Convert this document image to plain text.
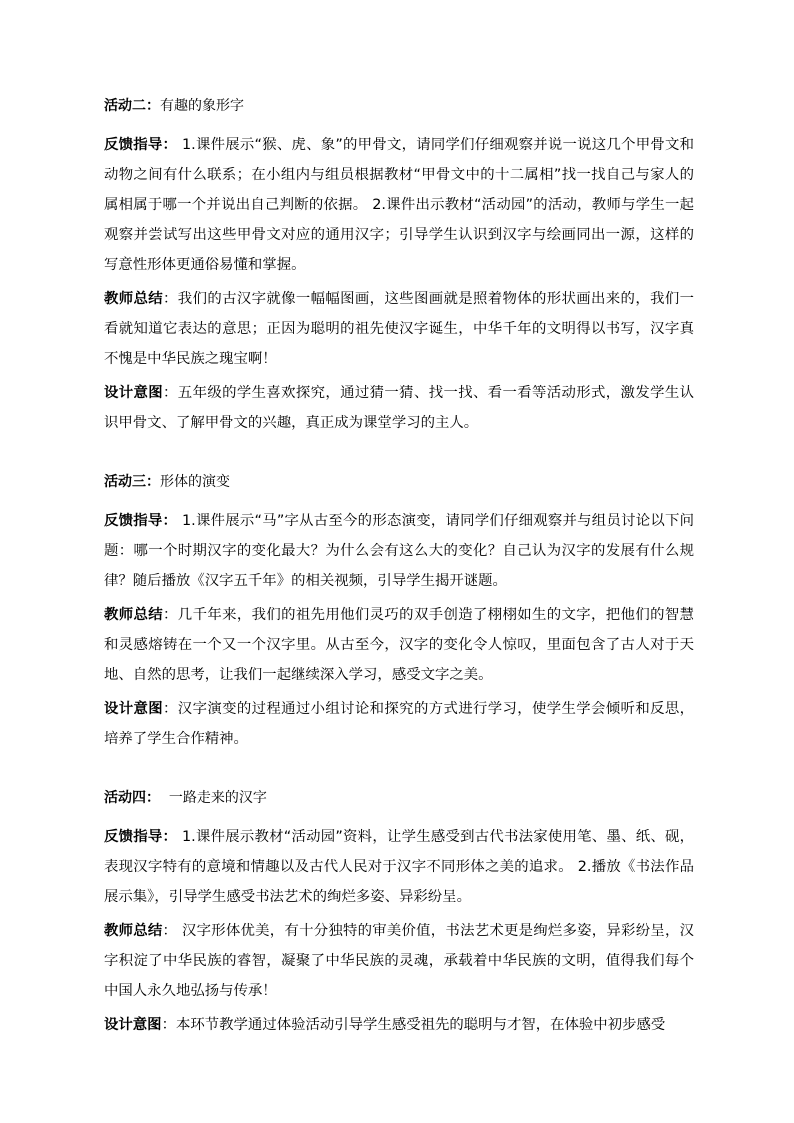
活动二：有趣的象形字

反馈指导： 1.课件展示“猴、虎、象”的甲骨文，请同学们仔细观察并说一说这几个甲骨文和动物之间有什么联系；在小组内与组员根据教材“甲骨文中的十二属相”找一找自己与家人的属相属于哪一个并说出自己判断的依据。 2.课件出示教材“活动园”的活动，教师与学生一起观察并尝试写出这些甲骨文对应的通用汉字；引导学生认识到汉字与绘画同出一源，这样的写意性形体更通俗易懂和掌握。

教师总结：我们的古汉字就像一幅幅图画，这些图画就是照着物体的形状画出来的，我们一看就知道它表达的意思；正因为聪明的祖先使汉字诞生，中华千年的文明得以书写，汉字真不愧是中华民族之瑰宝啊！

设计意图：五年级的学生喜欢探究，通过猜一猜、找一找、看一看等活动形式，激发学生认识甲骨文、了解甲骨文的兴趣，真正成为课堂学习的主人。

活动三：形体的演变

反馈指导： 1.课件展示“马”字从古至今的形态演变，请同学们仔细观察并与组员讨论以下问题：哪一个时期汉字的变化最大？为什么会有这么大的变化？自己认为汉字的发展有什么规律？随后播放《汉字五千年》的相关视频，引导学生揭开谜题。

教师总结：几千年来，我们的祖先用他们灵巧的双手创造了栩栩如生的文字，把他们的智慧和灵感熔铸在一个又一个汉字里。从古至今，汉字的变化令人惊叹，里面包含了古人对于天地、自然的思考，让我们一起继续深入学习，感受文字之美。

设计意图：汉字演变的过程通过小组讨论和探究的方式进行学习，使学生学会倾听和反思，培养了学生合作精神。

活动四：  一路走来的汉字

反馈指导： 1.课件展示教材“活动园”资料，让学生感受到古代书法家使用笔、墨、纸、砚，表现汉字特有的意境和情趣以及古代人民对于汉字不同形体之美的追求。 2.播放《书法作品展示集》，引导学生感受书法艺术的绚烂多姿、异彩纷呈。

教师总结： 汉字形体优美，有十分独特的审美价值，书法艺术更是绚烂多姿，异彩纷呈，汉字积淀了中华民族的睿智，凝聚了中华民族的灵魂，承载着中华民族的文明，值得我们每个中国人永久地弘扬与传承！

设计意图：本环节教学通过体验活动引导学生感受祖先的聪明与才智，在体验中初步感受
